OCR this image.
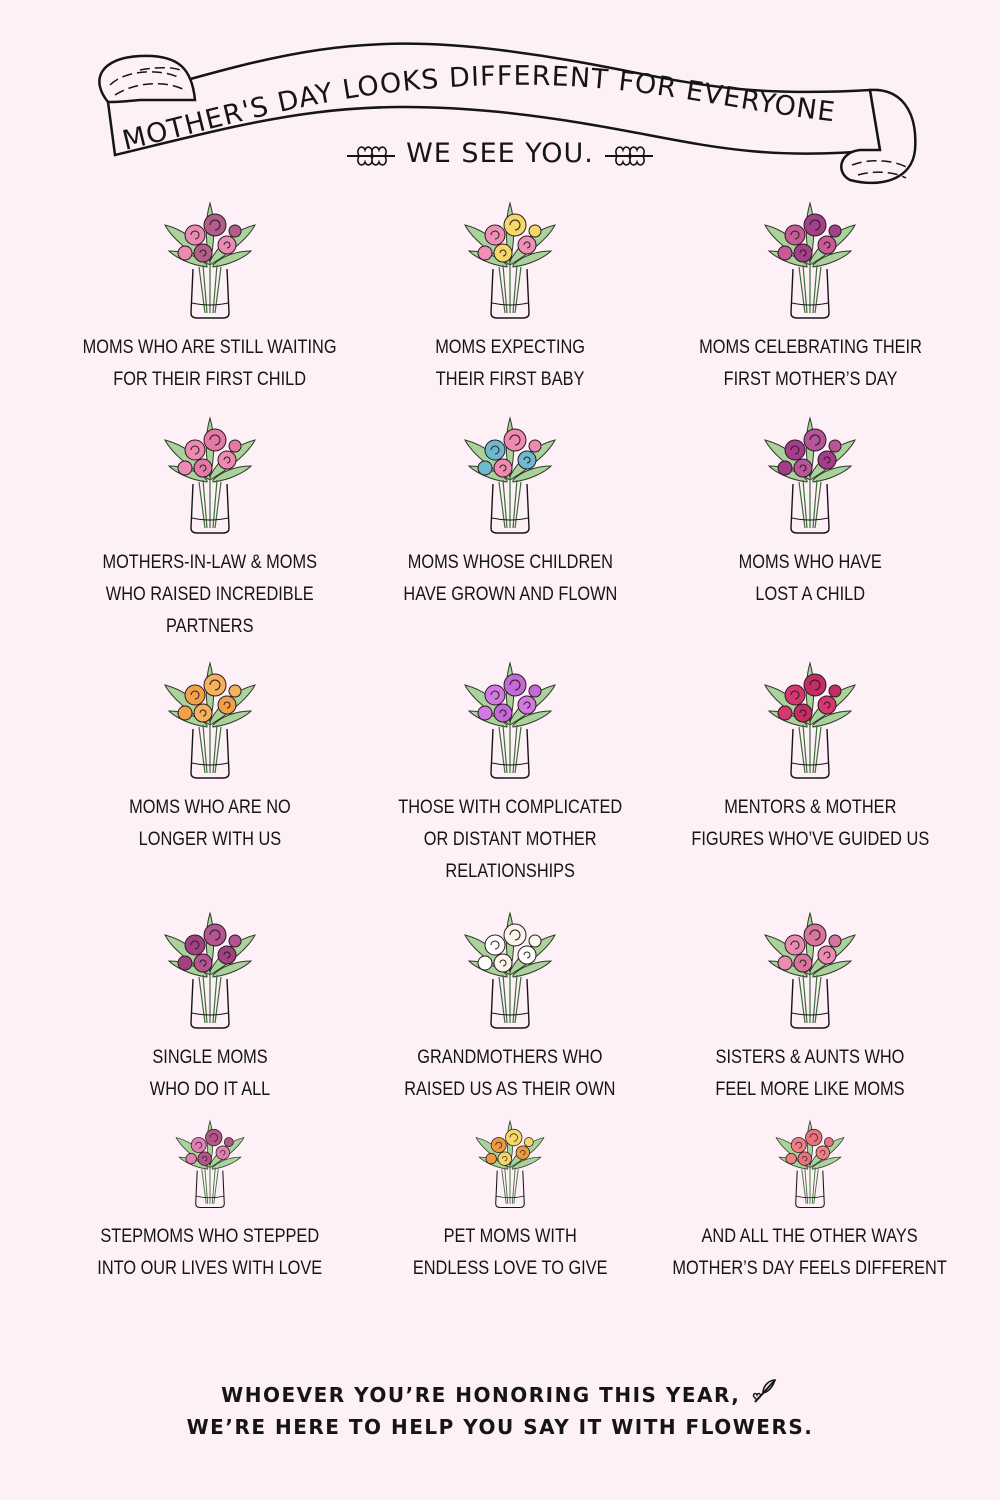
MOTHER'S DAY LOOKS DIFFERENT FOR EVERYONE
WE SEE YOU.
MOMS WHO ARE STILL WAITING
FOR THEIR FIRST CHILD
MOMS EXPECTING
THEIR FIRST BABY
MOMS CELEBRATING THEIR
FIRST MOTHER’S DAY
MOTHERS-IN-LAW & MOMS
WHO RAISED INCREDIBLE
PARTNERS
MOMS WHOSE CHILDREN
HAVE GROWN AND FLOWN
MOMS WHO HAVE
LOST A CHILD
MOMS WHO ARE NO
LONGER WITH US
THOSE WITH COMPLICATED
OR DISTANT MOTHER
RELATIONSHIPS
MENTORS & MOTHER
FIGURES WHO’VE GUIDED US
SINGLE MOMS
WHO DO IT ALL
GRANDMOTHERS WHO
RAISED US AS THEIR OWN
SISTERS & AUNTS WHO
FEEL MORE LIKE MOMS
STEPMOMS WHO STEPPED
INTO OUR LIVES WITH LOVE
PET MOMS WITH
ENDLESS LOVE TO GIVE
AND ALL THE OTHER WAYS
MOTHER’S DAY FEELS DIFFERENT
WHOEVER YOU’RE HONORING THIS YEAR,
WE’RE HERE TO HELP YOU SAY IT WITH FLOWERS.
